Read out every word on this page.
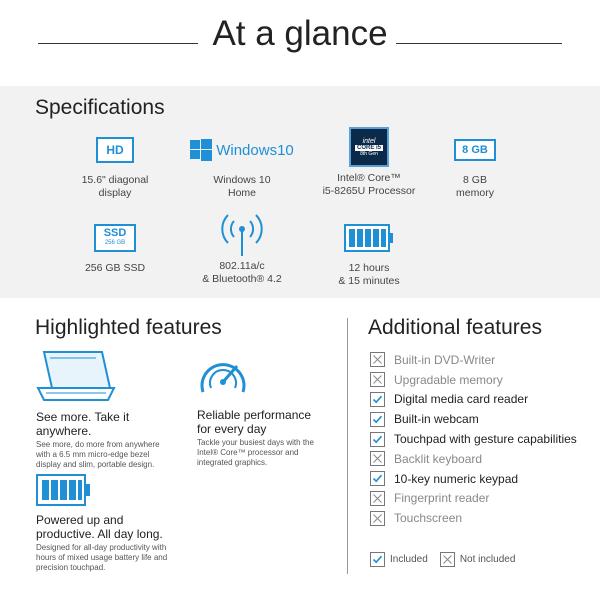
At a glance
Specifications
HD
15.6" diagonal
display
Windows10
Windows 10
Home
intel
CORE i5
8th Gen
Intel® Core™
i5-8265U Processor
8 GB
8 GB
memory
SSD
256 GB
256 GB SSD	802.11a/c
& Bluetooth® 4.2
12 hours
& 15 minutes
Highlighted features
See more. Take it
anywhere.
See more, do more from anywhere with a 6.5 mm micro-edge bezel display and slim, portable design.
Reliable performance
for every day
Tackle your busiest days with the Intel® Core™ processor and integrated graphics.
Powered up and
productive. All day long.
Designed for all-day productivity with hours of mixed usage battery life and precision touchpad.
Additional features
Built-in DVD-Writer
Upgradable memory
Digital media card reader
Built-in webcam
Touchpad with gesture capabilities
Backlit keyboard
10-key numeric keypad
Fingerprint reader
Touchscreen
Included	Not included
